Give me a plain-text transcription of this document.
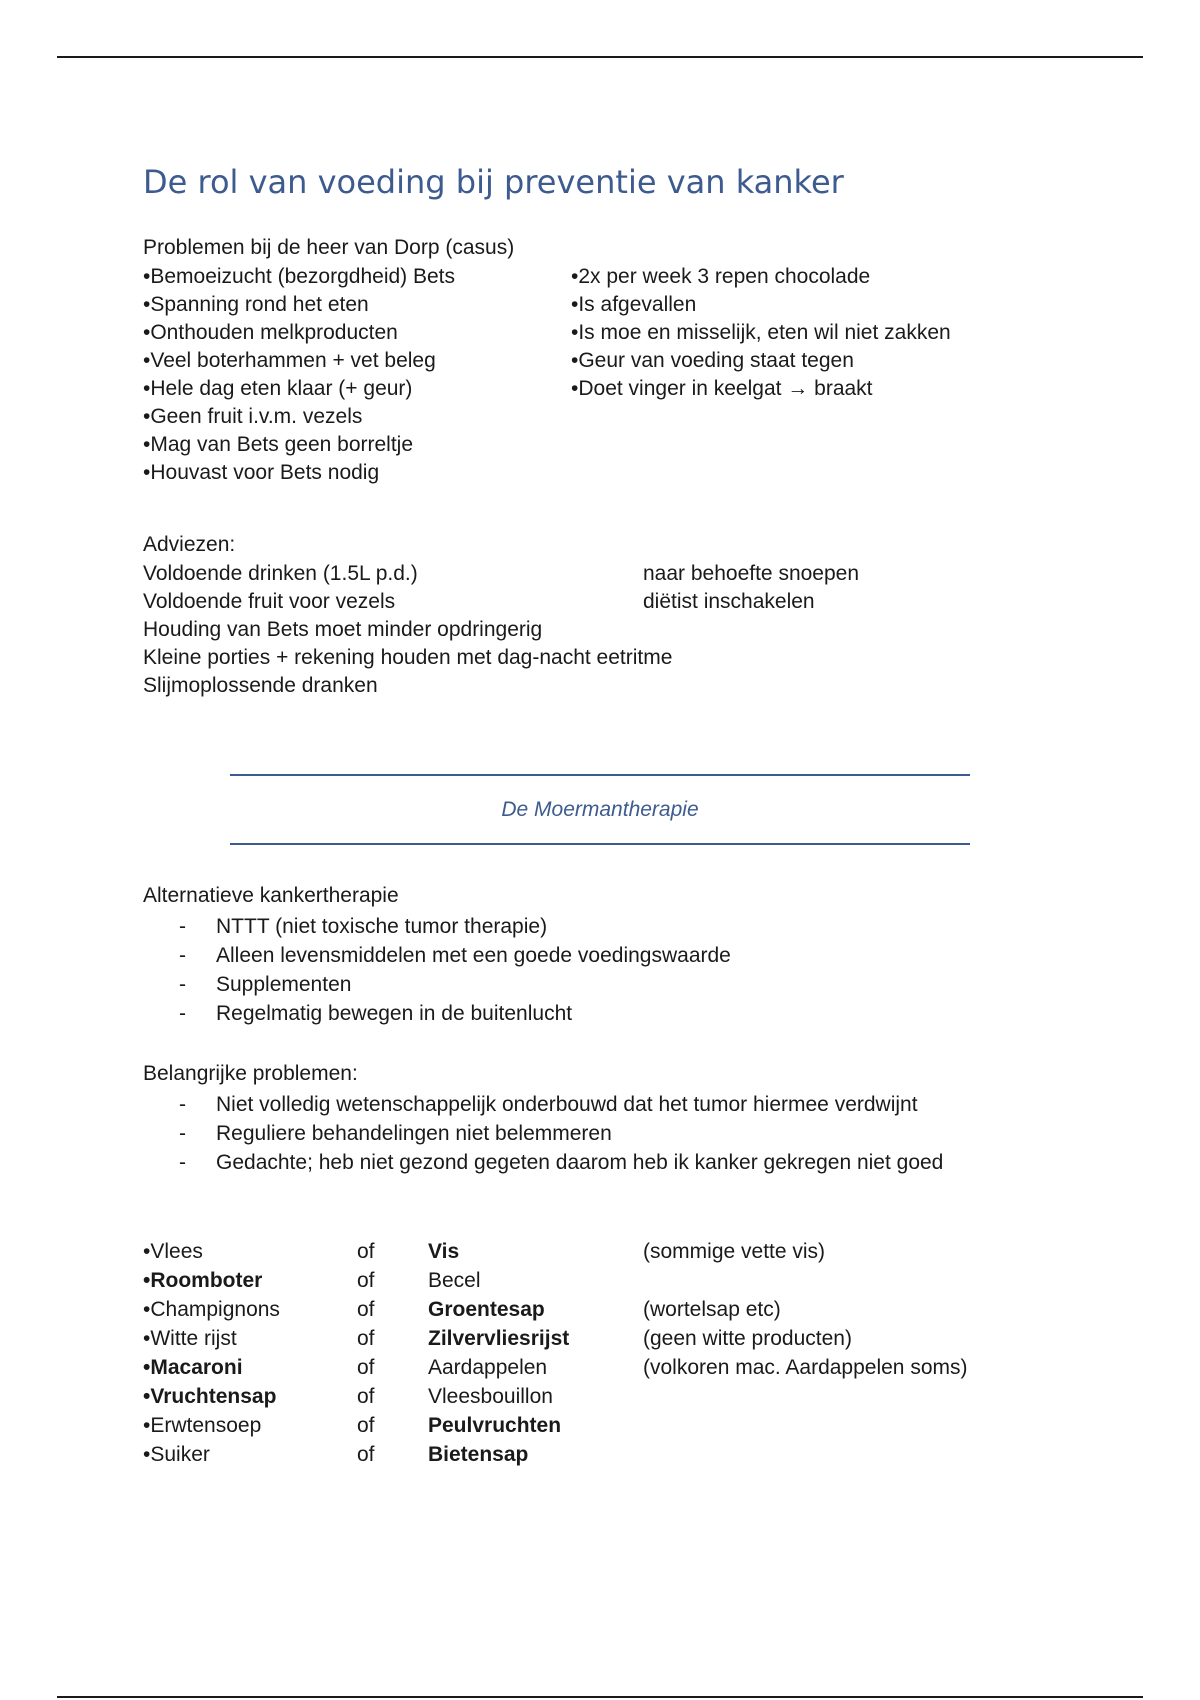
De rol van voeding bij preventie van kanker
Problemen bij de heer van Dorp (casus)
•Bemoeizucht (bezorgdheid) Bets
•Spanning rond het eten
•Onthouden melkproducten
•Veel boterhammen + vet beleg
•Hele dag eten klaar (+ geur)
•Geen fruit i.v.m. vezels
•Mag van Bets geen borreltje
•Houvast voor Bets nodig
•2x per week 3 repen chocolade
•Is afgevallen
•Is moe en misselijk, eten wil niet zakken
•Geur van voeding staat tegen
•Doet vinger in keelgat → braakt
Adviezen:
Voldoende drinken (1.5L p.d.)
Voldoende fruit voor vezels
Houding van Bets moet minder opdringerig
Kleine porties + rekening houden met dag-nacht eetritme
Slijmoplossende dranken
naar behoefte snoepen
diëtist inschakelen
De Moermantherapie
Alternatieve kankertherapie
- NTTT (niet toxische tumor therapie)
- Alleen levensmiddelen met een goede voedingswaarde
- Supplementen
- Regelmatig bewegen in de buitenlucht
Belangrijke problemen:
- Niet volledig wetenschappelijk onderbouwd dat het tumor hiermee verdwijnt
- Reguliere behandelingen niet belemmeren
- Gedachte; heb niet gezond gegeten daarom heb ik kanker gekregen niet goed
•Vlees	of	Vis	(sommige vette vis)
•Roomboter	of	Becel
•Champignons	of	Groentesap	(wortelsap etc)
•Witte rijst	of	Zilvervliesrijst	(geen witte producten)
•Macaroni	of	Aardappelen	(volkoren mac. Aardappelen soms)
•Vruchtensap	of	Vleesbouillon
•Erwtensoep	of	Peulvruchten
•Suiker	of	Bietensap
